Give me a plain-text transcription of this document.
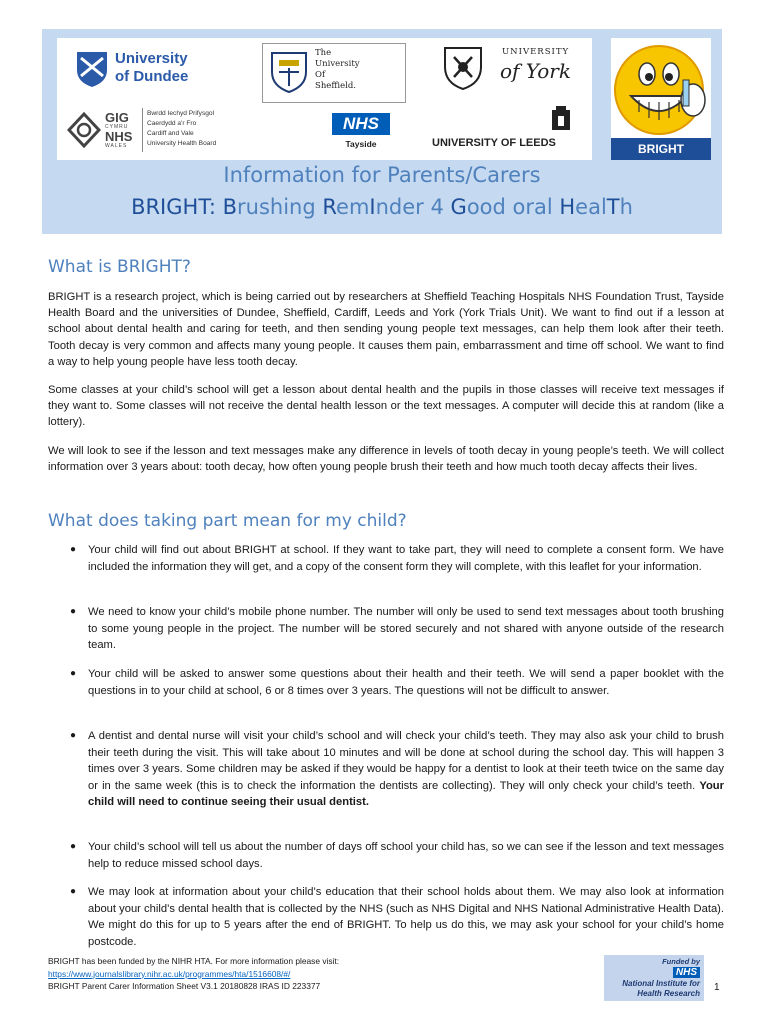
University
of Dundee
The
University
Of
Sheffield.
UNIVERSITY
of York
GIG
CYMRU
NHS
WALES
Bwrdd Iechyd Prifysgol
Caerdydd a'r Fro
Cardiff and Vale
University Health Board
NHS
Tayside	UNIVERSITY OF LEEDS	BRIGHT
Information for Parents/Carers
BRIGHT: Brushing RemInder 4 Good oral HealTh
What is BRIGHT?

BRIGHT is a research project, which is being carried out by researchers at Sheffield Teaching Hospitals NHS Foundation Trust, Tayside Health Board and the universities of Dundee, Sheffield, Cardiff, Leeds and York (York Trials Unit). We want to find out if a lesson at school about dental health and caring for teeth, and then sending young people text messages, can help them look after their teeth. Tooth decay is very common and affects many young people. It causes them pain, embarrassment and time off school. We want to find a way to help young people have less tooth decay.

Some classes at your child’s school will get a lesson about dental health and the pupils in those classes will receive text messages if they want to. Some classes will not receive the dental health lesson or the text messages. A computer will decide this at random (like a lottery).

We will look to see if the lesson and text messages make any difference in levels of tooth decay in young people’s teeth. We will collect information over 3 years about: tooth decay, how often young people brush their teeth and how much tooth decay affects their lives.

What does taking part mean for my child?
● Your child will find out about BRIGHT at school. If they want to take part, they will need to complete a consent form. We have included the information they will get, and a copy of the consent form they will complete, with this leaflet for your information.
● We need to know your child’s mobile phone number. The number will only be used to send text messages about tooth brushing to some young people in the project. The number will be stored securely and not shared with anyone outside of the research team.
● Your child will be asked to answer some questions about their health and their teeth. We will send a paper booklet with the questions in to your child at school, 6 or 8 times over 3 years. The questions will not be difficult to answer.
● A dentist and dental nurse will visit your child’s school and will check your child’s teeth. They may also ask your child to brush their teeth during the visit. This will take about 10 minutes and will be done at school during the school day. This will happen 3 times over 3 years. Some children may be asked if they would be happy for a dentist to look at their teeth twice on the same day or in the same week (this is to check the information the dentists are collecting). They will only check your child’s teeth. Your child will need to continue seeing their usual dentist.
● Your child’s school will tell us about the number of days off school your child has, so we can see if the lesson and text messages help to reduce missed school days.
● We may look at information about your child’s education that their school holds about them. We may also look at information about your child’s dental health that is collected by the NHS (such as NHS Digital and NHS National Administrative Health Data). We might do this for up to 5 years after the end of BRIGHT. To help us do this, we may ask your school for your child’s home postcode.
BRIGHT has been funded by the NIHR HTA. For more information please visit:
https://www.journalslibrary.nihr.ac.uk/programmes/hta/1516608/#/
BRIGHT Parent Carer Information Sheet V3.1 20180828 IRAS ID 223377
Funded by
NHS
National Institute for
Health Research
1
